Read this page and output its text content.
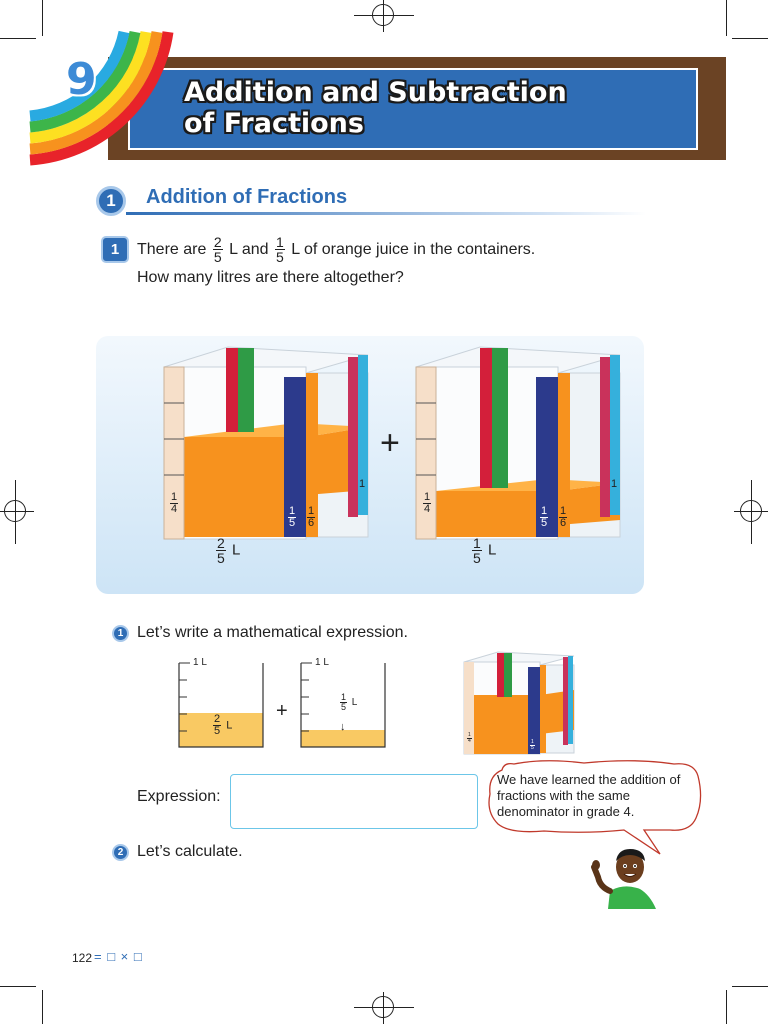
9	Addition and Subtraction
of Fractions
1	Addition of Fractions
1	There are $\frac{2}{5}$ L and $\frac{1}{5}$ L of orange juice in the containers.
How many litres are there altogether?
$\frac{1}{4}$
$\frac{1}{5} \frac{1}{6}$
1
$\frac{2}{5}$ L
+
$\frac{1}{4}$
$\frac{1}{5} \frac{1}{6}$
1
$\frac{1}{5}$ L
1 Let’s write a mathematical expression.
1 L
$\frac{2}{5}$ L
+
1 L
$\frac{1}{5}$ L
↓
$\frac{1}{4}$
$\frac{1}{5}$
Expression:
We have learned the addition of fractions with the same denominator in grade 4.
2 Let’s calculate.
122 = □ × □
